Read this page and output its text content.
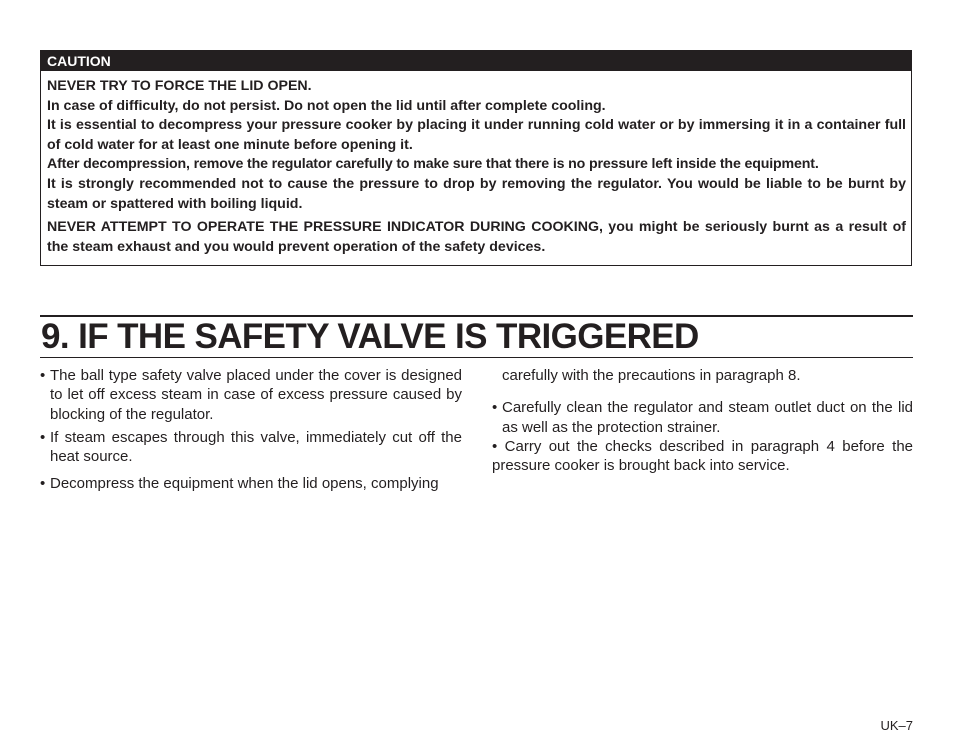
CAUTION

NEVER TRY TO FORCE THE LID OPEN.

In case of difficulty, do not persist. Do not open the lid until after complete cooling.

It is essential to decompress your pressure cooker by placing it under running cold water or by immersing it in a container full of cold water for at least one minute before opening it.

After decompression, remove the regulator carefully to make sure that there is no pressure left inside the equipment.

It is strongly recommended not to cause the pressure to drop by removing the regulator. You would be liable to be burnt by steam or spattered with boiling liquid.

NEVER ATTEMPT TO OPERATE THE PRESSURE INDICATOR DURING COOKING, you might be seriously burnt as a result of the steam exhaust and you would prevent operation of the safety devices.

9. IF THE SAFETY VALVE IS TRIGGERED

• The ball type safety valve placed under the cover is designed to let off excess steam in case of excess pressure caused by blocking of the regulator.

• If steam escapes through this valve, immediately cut off the heat source.

• Decompress the equipment when the lid opens, complying

carefully with the precautions in paragraph 8.

• Carefully clean the regulator and steam outlet duct on the lid as well as the protection strainer.

• Carry out the checks described in paragraph 4 before the pressure cooker is brought back into service.

UK–7
